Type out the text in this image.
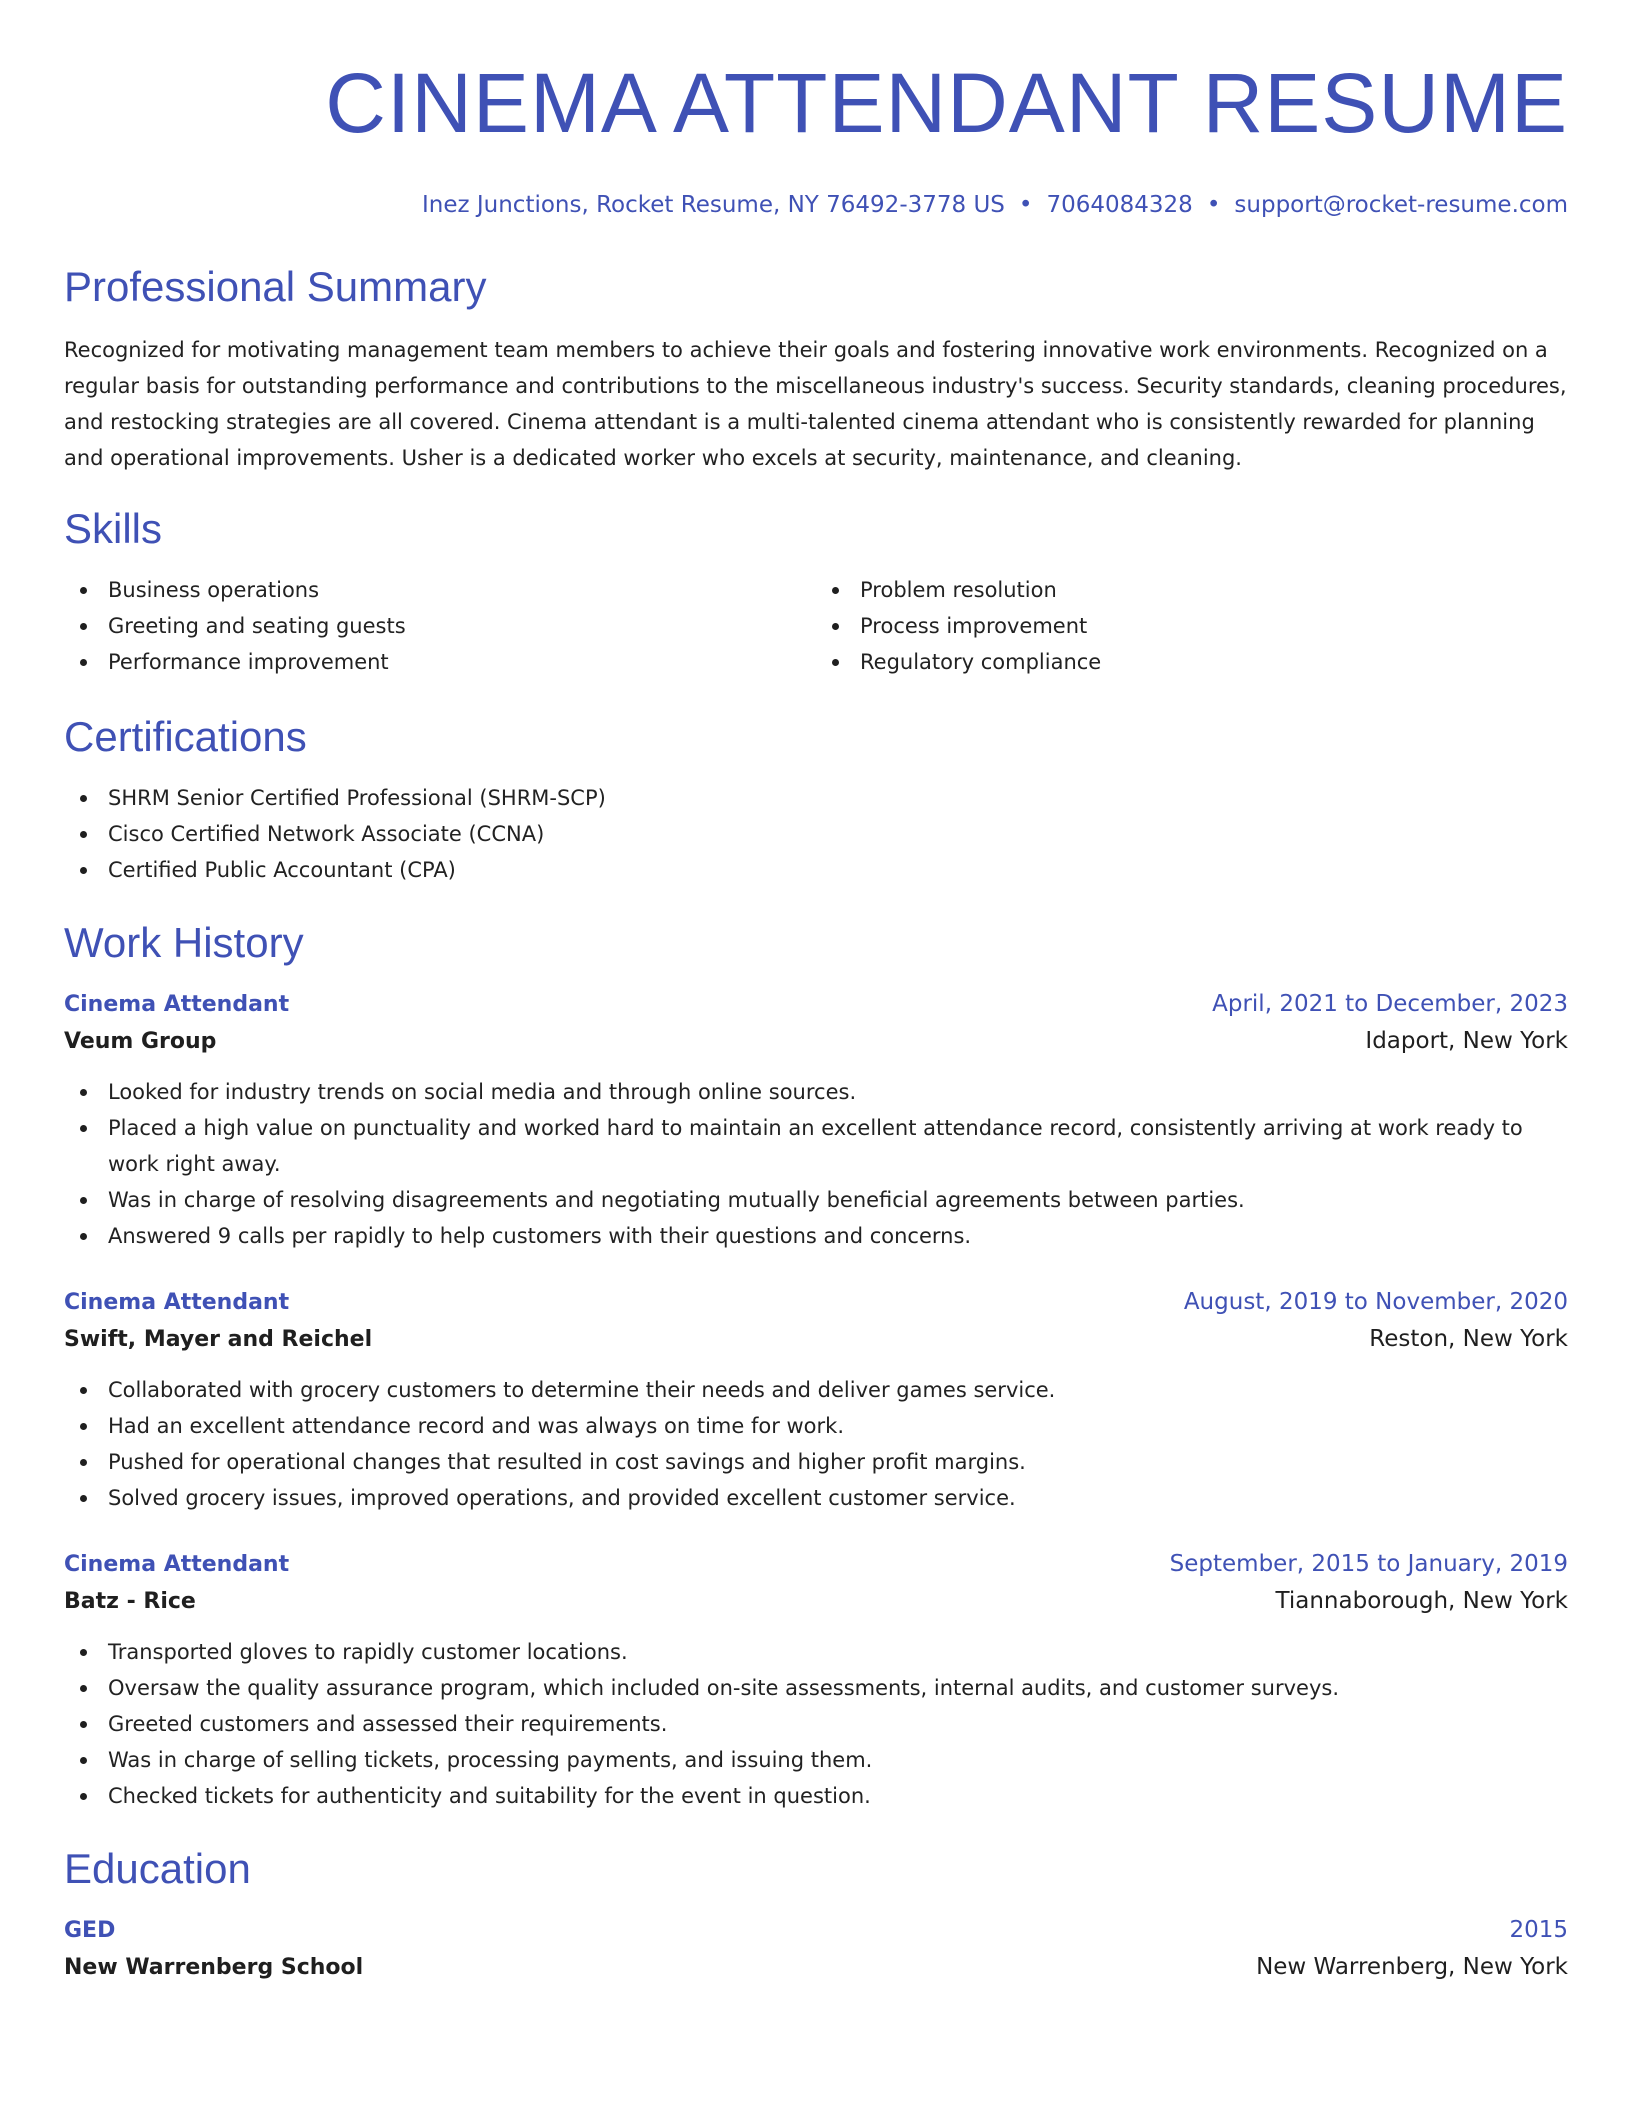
CINEMA ATTENDANT RESUME
Inez Junctions, Rocket Resume, NY 76492-3778 US • 7064084328 • support@rocket-resume.com
Professional Summary
Recognized for motivating management team members to achieve their goals and fostering innovative work environments. Recognized on a regular basis for outstanding performance and contributions to the miscellaneous industry's success. Security standards, cleaning procedures, and restocking strategies are all covered. Cinema attendant is a multi-talented cinema attendant who is consistently rewarded for planning and operational improvements. Usher is a dedicated worker who excels at security, maintenance, and cleaning.
Skills
Business operations
Greeting and seating guests
Performance improvement
Problem resolution
Process improvement
Regulatory compliance
Certifications
SHRM Senior Certified Professional (SHRM-SCP)
Cisco Certified Network Associate (CCNA)
Certified Public Accountant (CPA)
Work History
Cinema Attendant	April, 2021 to December, 2023
Veum Group	Idaport, New York
Looked for industry trends on social media and through online sources.
Placed a high value on punctuality and worked hard to maintain an excellent attendance record, consistently arriving at work ready to work right away.
Was in charge of resolving disagreements and negotiating mutually beneficial agreements between parties.
Answered 9 calls per rapidly to help customers with their questions and concerns.
Cinema Attendant	August, 2019 to November, 2020
Swift, Mayer and Reichel	Reston, New York
Collaborated with grocery customers to determine their needs and deliver games service.
Had an excellent attendance record and was always on time for work.
Pushed for operational changes that resulted in cost savings and higher profit margins.
Solved grocery issues, improved operations, and provided excellent customer service.
Cinema Attendant	September, 2015 to January, 2019
Batz - Rice	Tiannaborough, New York
Transported gloves to rapidly customer locations.
Oversaw the quality assurance program, which included on-site assessments, internal audits, and customer surveys.
Greeted customers and assessed their requirements.
Was in charge of selling tickets, processing payments, and issuing them.
Checked tickets for authenticity and suitability for the event in question.
Education
GED	2015
New Warrenberg School	New Warrenberg, New York
